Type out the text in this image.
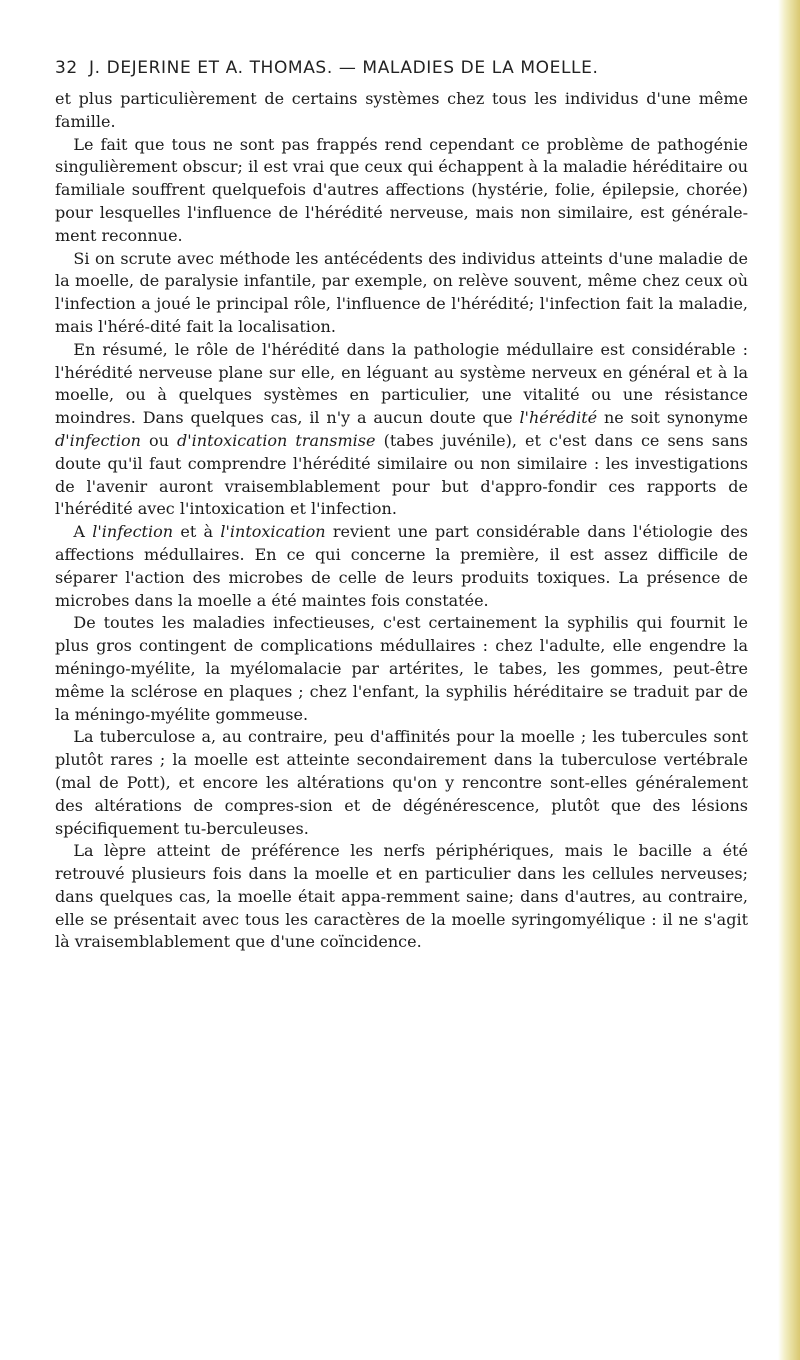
32 J. DEJERINE ET A. THOMAS. — MALADIES DE LA MOELLE.

et plus particulièrement de certains systèmes chez tous les individus d'une même famille.

Le fait que tous ne sont pas frappés rend cependant ce problème de pathogénie singulièrement obscur; il est vrai que ceux qui échappent à la maladie héréditaire ou familiale souffrent quelquefois d'autres affections (hystérie, folie, épilepsie, chorée) pour lesquelles l'influence de l'hérédité nerveuse, mais non similaire, est générale-ment reconnue.

Si on scrute avec méthode les antécédents des individus atteints d'une maladie de la moelle, de paralysie infantile, par exemple, on relève souvent, même chez ceux où l'infection a joué le principal rôle, l'influence de l'hérédité; l'infection fait la maladie, mais l'héré-dité fait la localisation.

En résumé, le rôle de l'hérédité dans la pathologie médullaire est considérable : l'hérédité nerveuse plane sur elle, en léguant au système nerveux en général et à la moelle, ou à quelques systèmes en particulier, une vitalité ou une résistance moindres. Dans quelques cas, il n'y a aucun doute que l'hérédité ne soit synonyme d'infection ou d'intoxication transmise (tabes juvénile), et c'est dans ce sens sans doute qu'il faut comprendre l'hérédité similaire ou non similaire : les investigations de l'avenir auront vraisemblablement pour but d'appro-fondir ces rapports de l'hérédité avec l'intoxication et l'infection.

A l'infection et à l'intoxication revient une part considérable dans l'étiologie des affections médullaires. En ce qui concerne la première, il est assez difficile de séparer l'action des microbes de celle de leurs produits toxiques. La présence de microbes dans la moelle a été maintes fois constatée.

De toutes les maladies infectieuses, c'est certainement la syphilis qui fournit le plus gros contingent de complications médullaires : chez l'adulte, elle engendre la méningo-myélite, la myélomalacie par artérites, le tabes, les gommes, peut-être même la sclérose en plaques ; chez l'enfant, la syphilis héréditaire se traduit par de la méningo-myélite gommeuse.

La tuberculose a, au contraire, peu d'affinités pour la moelle ; les tubercules sont plutôt rares ; la moelle est atteinte secondairement dans la tuberculose vertébrale (mal de Pott), et encore les altérations qu'on y rencontre sont-elles généralement des altérations de compres-sion et de dégénérescence, plutôt que des lésions spécifiquement tu-berculeuses.

La lèpre atteint de préférence les nerfs périphériques, mais le bacille a été retrouvé plusieurs fois dans la moelle et en particulier dans les cellules nerveuses; dans quelques cas, la moelle était appa-remment saine; dans d'autres, au contraire, elle se présentait avec tous les caractères de la moelle syringomyélique : il ne s'agit là vraisemblablement que d'une coïncidence.
